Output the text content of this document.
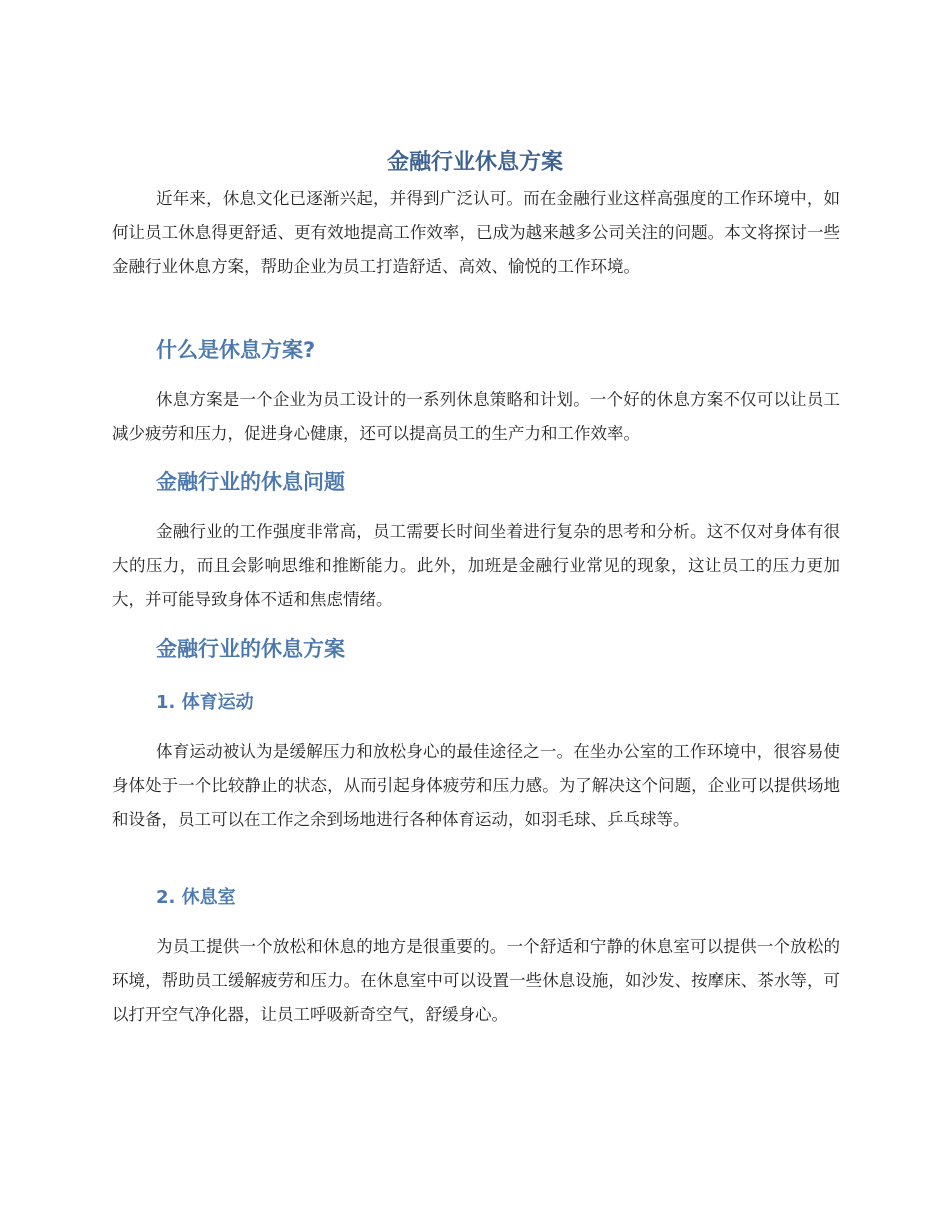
金融行业休息方案

近年来，休息文化已逐渐兴起，并得到广泛认可。而在金融行业这样高强度的工作环境中，如何让员工休息得更舒适、更有效地提高工作效率，已成为越来越多公司关注的问题。本文将探讨一些金融行业休息方案，帮助企业为员工打造舒适、高效、愉悦的工作环境。

什么是休息方案?

休息方案是一个企业为员工设计的一系列休息策略和计划。一个好的休息方案不仅可以让员工减少疲劳和压力，促进身心健康，还可以提高员工的生产力和工作效率。

金融行业的休息问题

金融行业的工作强度非常高，员工需要长时间坐着进行复杂的思考和分析。这不仅对身体有很大的压力，而且会影响思维和推断能力。此外，加班是金融行业常见的现象，这让员工的压力更加大，并可能导致身体不适和焦虑情绪。

金融行业的休息方案
1. 体育运动

体育运动被认为是缓解压力和放松身心的最佳途径之一。在坐办公室的工作环境中，很容易使身体处于一个比较静止的状态，从而引起身体疲劳和压力感。为了解决这个问题，企业可以提供场地和设备，员工可以在工作之余到场地进行各种体育运动，如羽毛球、乒乓球等。

2. 休息室

为员工提供一个放松和休息的地方是很重要的。一个舒适和宁静的休息室可以提供一个放松的环境，帮助员工缓解疲劳和压力。在休息室中可以设置一些休息设施，如沙发、按摩床、茶水等，可以打开空气净化器，让员工呼吸新奇空气，舒缓身心。
